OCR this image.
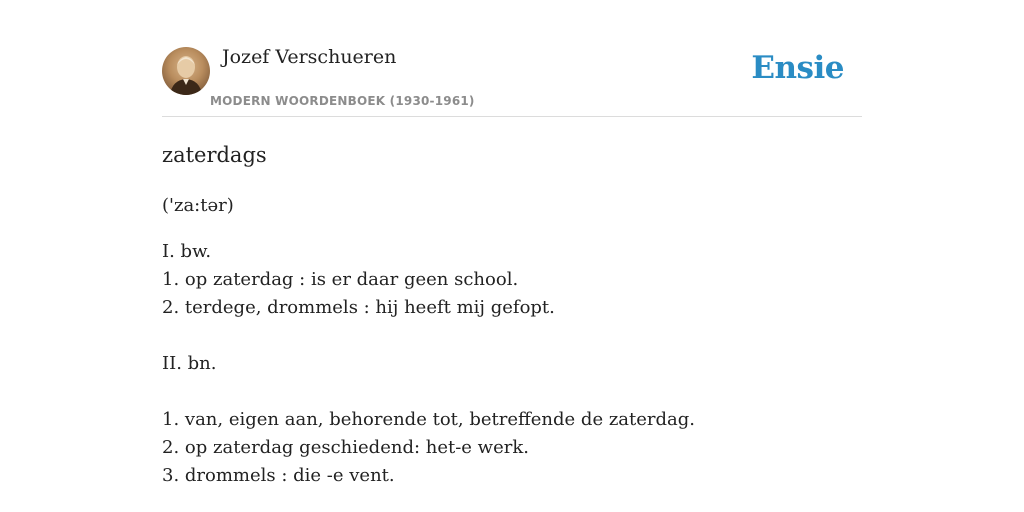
Jozef Verschueren
MODERN WOORDENBOEK (1930-1961)
Ensie
zaterdags
('za:tər)
I. bw.
1. op zaterdag : is er daar geen school.
2. terdege, drommels : hij heeft mij gefopt.
II. bn.
1. van, eigen aan, behorende tot, betreffende de zaterdag.
2. op zaterdag geschiedend: het-e werk.
3. drommels : die -e vent.
